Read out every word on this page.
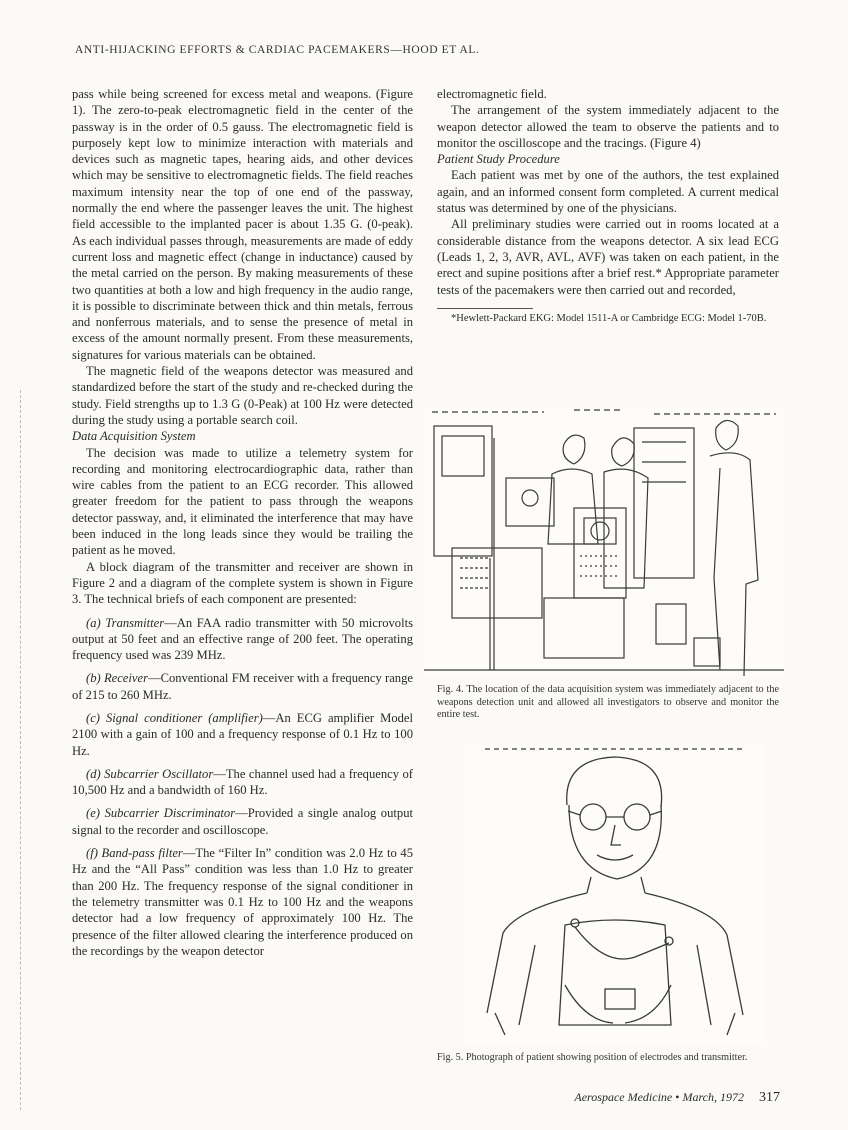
ANTI-HIJACKING EFFORTS & CARDIAC PACEMAKERS—HOOD ET AL.

pass while being screened for excess metal and weapons. (Figure 1). The zero-to-peak electromagnetic field in the center of the passway is in the order of 0.5 gauss. The electromagnetic field is purposely kept low to minimize interaction with materials and devices such as magnetic tapes, hearing aids, and other devices which may be sensitive to electromagnetic fields. The field reaches maximum intensity near the top of one end of the passway, normally the end where the passenger leaves the unit. The highest field accessible to the implanted pacer is about 1.35 G. (0-peak). As each individual passes through, measurements are made of eddy current loss and magnetic effect (change in inductance) caused by the metal carried on the person. By making measurements of these two quantities at both a low and high frequency in the audio range, it is possible to discriminate between thick and thin metals, ferrous and nonferrous materials, and to sense the presence of metal in excess of the amount normally present. From these measurements, signatures for various materials can be obtained.

The magnetic field of the weapons detector was measured and standardized before the start of the study and re-checked during the study. Field strengths up to 1.3 G (0-Peak) at 100 Hz were detected during the study using a portable search coil.

Data Acquisition System

The decision was made to utilize a telemetry system for recording and monitoring electrocardiographic data, rather than wire cables from the patient to an ECG recorder. This allowed greater freedom for the patient to pass through the weapons detector passway, and, it eliminated the interference that may have been induced in the long leads since they would be trailing the patient as he moved.

A block diagram of the transmitter and receiver are shown in Figure 2 and a diagram of the complete system is shown in Figure 3. The technical briefs of each component are presented:

(a) Transmitter—An FAA radio transmitter with 50 microvolts output at 50 feet and an effective range of 200 feet. The operating frequency used was 239 MHz.

(b) Receiver—Conventional FM receiver with a frequency range of 215 to 260 MHz.

(c) Signal conditioner (amplifier)—An ECG amplifier Model 2100 with a gain of 100 and a frequency response of 0.1 Hz to 100 Hz.

(d) Subcarrier Oscillator—The channel used had a frequency of 10,500 Hz and a bandwidth of 160 Hz.

(e) Subcarrier Discriminator—Provided a single analog output signal to the recorder and oscilloscope.

(f) Band-pass filter—The “Filter In” condition was 2.0 Hz to 45 Hz and the “All Pass” condition was less than 1.0 Hz to greater than 200 Hz. The frequency response of the signal conditioner in the telemetry transmitter was 0.1 Hz to 100 Hz and the weapons detector had a low frequency of approximately 100 Hz. The presence of the filter allowed clearing the interference produced on the recordings by the weapon detector

electromagnetic field.

The arrangement of the system immediately adjacent to the weapon detector allowed the team to observe the patients and to monitor the oscilloscope and the tracings. (Figure 4)

Patient Study Procedure

Each patient was met by one of the authors, the test explained again, and an informed consent form completed. A current medical status was determined by one of the physicians.

All preliminary studies were carried out in rooms located at a considerable distance from the weapons detector. A six lead ECG (Leads 1, 2, 3, AVR, AVL, AVF) was taken on each patient, in the erect and supine positions after a brief rest.* Appropriate parameter tests of the pacemakers were then carried out and recorded,

*Hewlett-Packard EKG: Model 1511-A or Cambridge ECG: Model 1-70B.

Fig. 4. The location of the data acquisition system was immediately adjacent to the weapons detection unit and allowed all investigators to observe and monitor the entire test.
Fig. 5. Photograph of patient showing position of electrodes and transmitter.
Aerospace Medicine • March, 1972 317
